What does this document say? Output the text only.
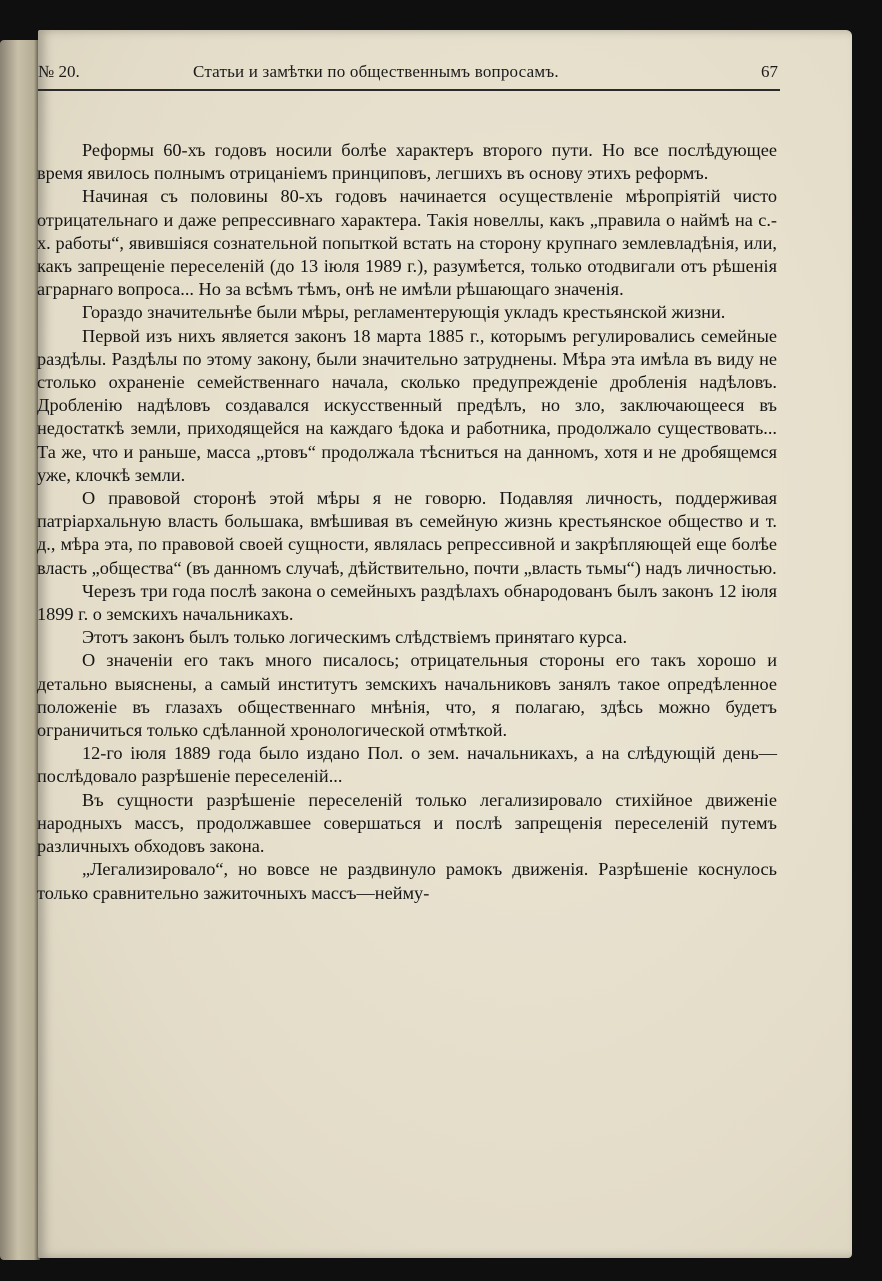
№ 20.	Статьи и замѣтки по общественнымъ вопросамъ.	67

Реформы 60-хъ годовъ носили болѣе характеръ второго пути. Но все послѣдующее время явилось полнымъ отрицаніемъ принциповъ, легшихъ въ основу этихъ реформъ.

Начиная съ половины 80-хъ годовъ начинается осуществленіе мѣропріятій чисто отрицательнаго и даже репрессивнаго характера. Такія новеллы, какъ „правила о наймѣ на с.-х. работы“, явившіяся сознательной попыткой встать на сторону крупнаго землевладѣнія, или, какъ запрещеніе переселеній (до 13 іюля 1989 г.), разумѣется, только отодвигали отъ рѣшенія аграрнаго вопроса... Но за всѣмъ тѣмъ, онѣ не имѣли рѣшающаго значенія.

Гораздо значительнѣе были мѣры, регламентерующія укладъ крестьянской жизни.

Первой изъ нихъ является законъ 18 марта 1885 г., которымъ регулировались семейные раздѣлы. Раздѣлы по этому закону, были значительно затруднены. Мѣра эта имѣла въ виду не столько охраненіе семейственнаго начала, сколько предупрежденіе дробленія надѣловъ. Дробленію надѣловъ создавался искусственный предѣлъ, но зло, заключающееся въ недостаткѣ земли, приходящейся на каждаго ѣдока и работника, продолжало существовать... Та же, что и раньше, масса „ртовъ“ продолжала тѣсниться на данномъ, хотя и не дробящемся уже, клочкѣ земли.

О правовой сторонѣ этой мѣры я не говорю. Подавляя личность, поддерживая патріархальную власть большака, вмѣшивая въ семейную жизнь крестьянское общество и т. д., мѣра эта, по правовой своей сущности, являлась репрессивной и закрѣпляющей еще болѣе власть „общества“ (въ данномъ случаѣ, дѣйствительно, почти „власть тьмы“) надъ личностью.

Черезъ три года послѣ закона о семейныхъ раздѣлахъ обнародованъ былъ законъ 12 іюля 1899 г. о земскихъ начальникахъ.

Этотъ законъ былъ только логическимъ слѣдствіемъ принятаго курса.

О значеніи его такъ много писалось; отрицательныя стороны его такъ хорошо и детально выяснены, а самый институтъ земскихъ начальниковъ занялъ такое опредѣленное положеніе въ глазахъ общественнаго мнѣнія, что, я полагаю, здѣсь можно будетъ ограничиться только сдѣланной хронологической отмѣткой.

12-го іюля 1889 года было издано Пол. о зем. начальникахъ, а на слѣдующій день—послѣдовало разрѣшеніе переселеній...

Въ сущности разрѣшеніе переселеній только легализировало стихійное движеніе народныхъ массъ, продолжавшее совершаться и послѣ запрещенія переселеній путемъ различныхъ обходовъ закона.

„Легализировало“, но вовсе не раздвинуло рамокъ движенія. Разрѣшеніе коснулось только сравнительно зажиточныхъ массъ—нейму-
